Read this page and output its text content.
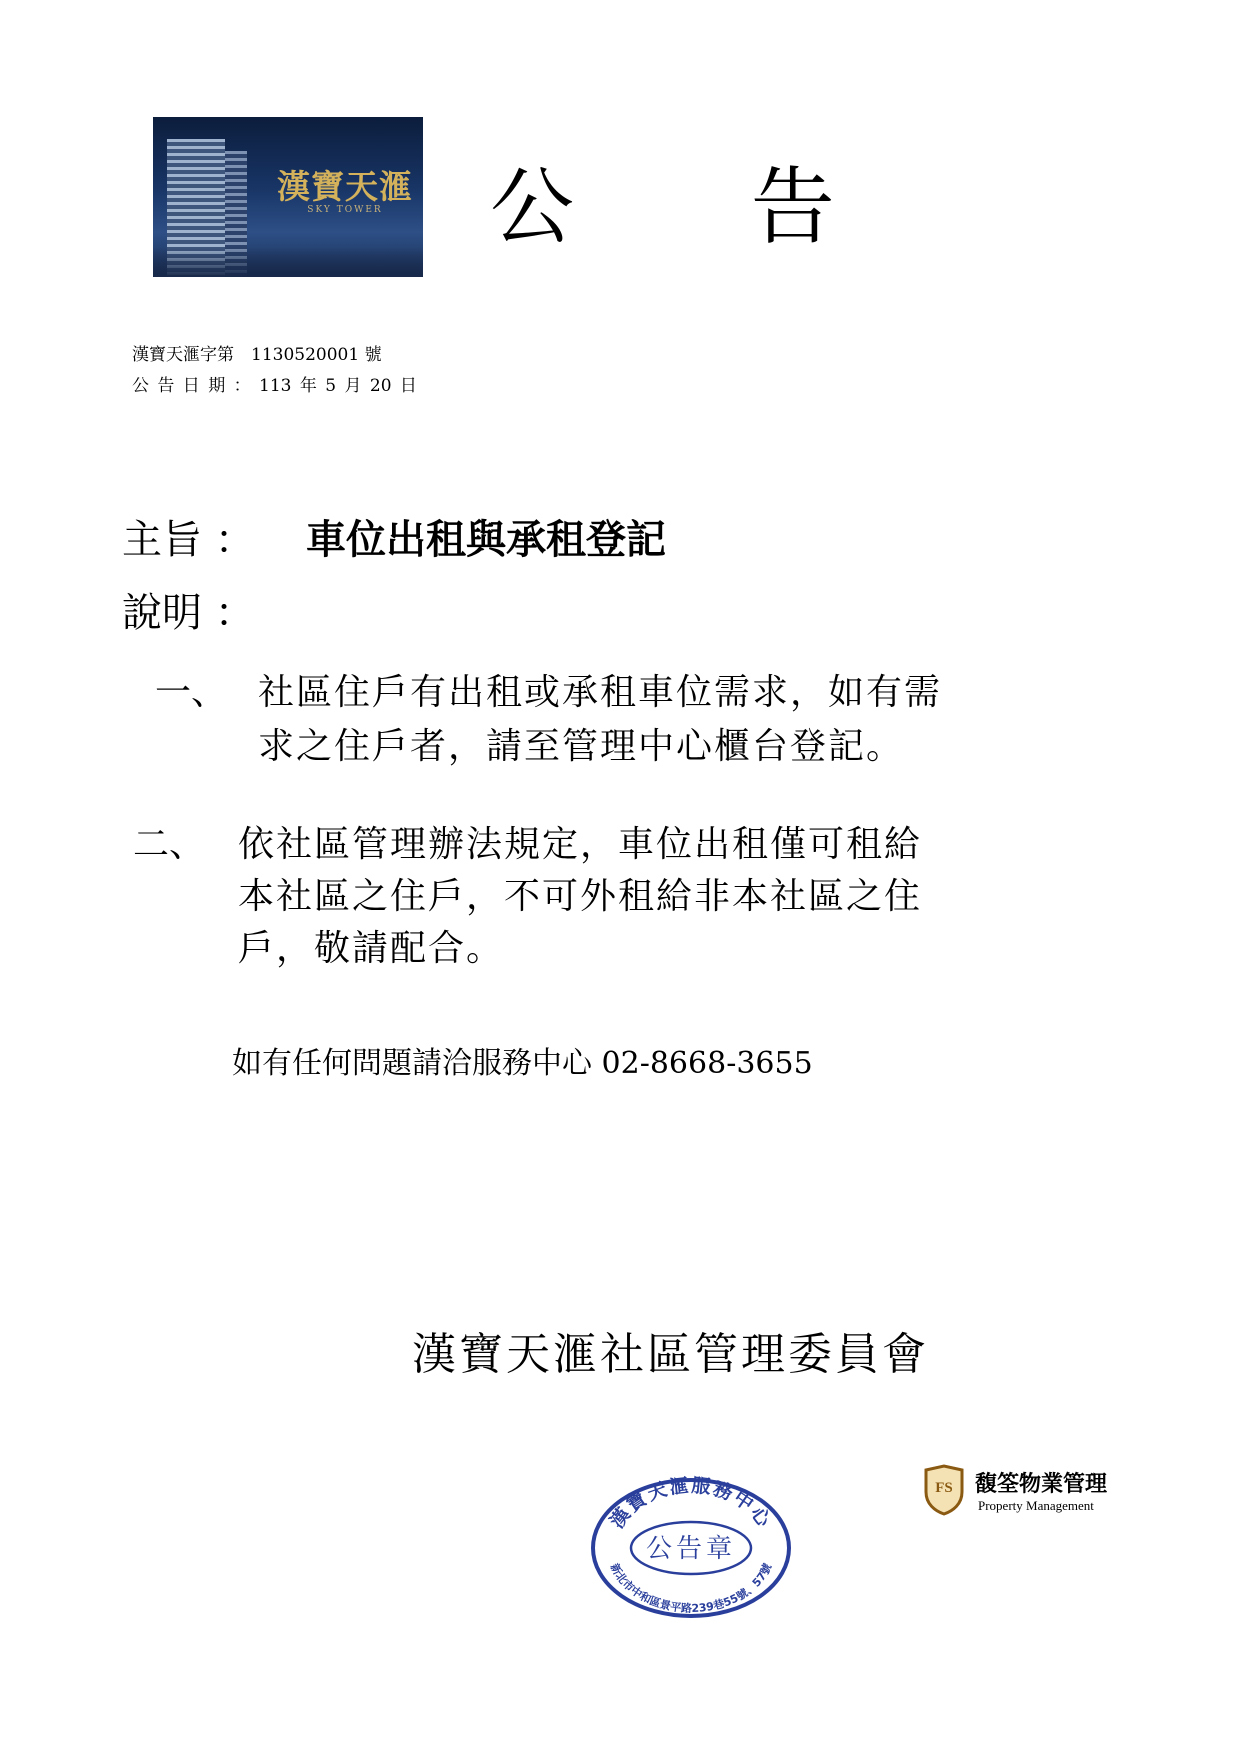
漢寶天滙
SKY TOWER	公 告
漢寶天滙字第　1130520001 號
公 告 日 期 ： 113 年 5 月 20 日
主旨 ： 車位出租與承租登記
說明 ：
一、 社區住戶有出租或承租車位需求，如有需
求之住戶者，請至管理中心櫃台登記。
二、 依社區管理辦法規定，車位出租僅可租給
本社區之住戶，不可外租給非本社區之住
戶，敬請配合。
如有任何問題請洽服務中心 02-8668-3655
漢寶天滙社區管理委員會
漢寶天滙服務中心
公告章
新北市中和區景平路239巷55號、57號
FS 馥筌物業管理
Property Management
